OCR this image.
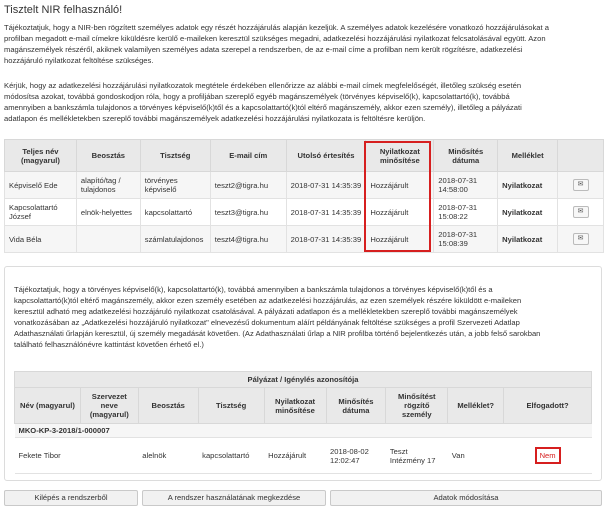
Tisztelt NIR felhasználó!
Tájékoztatjuk, hogy a NIR-ben rögzített személyes adatok egy részét hozzájárulás alapján kezeljük. A személyes adatok kezelésére vonatkozó hozzájárulásokat a
profilban megadott e-mail címekre kiküldésre kerülő e-maileken keresztül szükséges megadni, adatkezelési hozzájárulási nyilatkozat felcsatolásával együtt. Azon
magánszemélyek részéről, akiknek valamilyen személyes adata szerepel a rendszerben, de az e-mail címe a profilban nem került rögzítésre, adatkezelési
hozzájáruló nyilatkozat feltöltése szükséges.
Kérjük, hogy az adatkezelési hozzájárulási nyilatkozatok megtétele érdekében ellenőrizze az alábbi e-mail címek megfelelőségét, illetőleg szükség esetén
módosítsa azokat, továbbá gondoskodjon róla, hogy a profiljában szereplő egyéb magánszemélyek (törvényes képviselő(k), kapcsolattartó(k), továbbá
amennyiben a bankszámla tulajdonos a törvényes képviselő(k)től és a kapcsolattartó(k)tól eltérő magánszemély, akkor ezen személy), illetőleg a pályázati
adatlapon és mellékletekben szereplő további magánszemélyek adatkezelési hozzájárulási nyilatkozata is feltöltésre kerüljön.
Teljes név (magyarul)	Beosztás	Tisztség	E-mail cím	Utolsó értesítés	Nyilatkozat minősítése	Minősítés dátuma	Melléklet	
Képviselő Ede	alapító/tag / tulajdonos	törvényes képviselő	teszt2@tigra.hu	2018-07-31 14:35:39	Hozzájárult	2018-07-31 14:58:00	Nyilatkozat	✉
Kapcsolattartó József	elnök-helyettes	kapcsolattartó	teszt3@tigra.hu	2018-07-31 14:35:39	Hozzájárult	2018-07-31 15:08:22	Nyilatkozat	✉
Vida Béla		számlatulajdonos	teszt4@tigra.hu	2018-07-31 14:35:39	Hozzájárult	2018-07-31 15:08:39	Nyilatkozat	✉
Tájékoztatjuk, hogy a törvényes képviselő(k), kapcsolattartó(k), továbbá amennyiben a bankszámla tulajdonos a törvényes képviselő(k)től és a
kapcsolattartó(k)tól eltérő magánszemély, akkor ezen személy esetében az adatkezelési hozzájárulás, az ezen személyek részére kiküldött e-maileken
keresztül adható meg adatkezelési hozzájáruló nyilatkozat csatolásával. A pályázati adatlapon és a mellékletekben szereplő további magánszemélyek
vonatkozásában az „Adatkezelési hozzájáruló nyilatkozat" elnevezésű dokumentum aláírt példányának feltöltése szükséges a profil Szervezeti Adatlap
Adathasználati űrlapján keresztül, új személy megadását követően. (Az Adathasználati űrlap a NIR profilba történő bejelentkezés után, a jobb felső sarokban
található felhasználónévre kattintást követően érhető el.)
Pályázat / Igénylés azonosítója								
Név (magyarul)	Szervezet neve (magyarul)	Beosztás	Tisztség	Nyilatkozat minősítése	Minősítés dátuma	Minősítést rögzítő személy	Melléklet?	Elfogadott?
MKO-KP-3-2018/1-000007								
Fekete Tibor		alelnök	kapcsolattartó	Hozzájárult	2018-08-02 12:02:47	Teszt Intézmény 17	Van	Nem
Kilépés a rendszerből	A rendszer használatának megkezdése	Adatok módosítása
